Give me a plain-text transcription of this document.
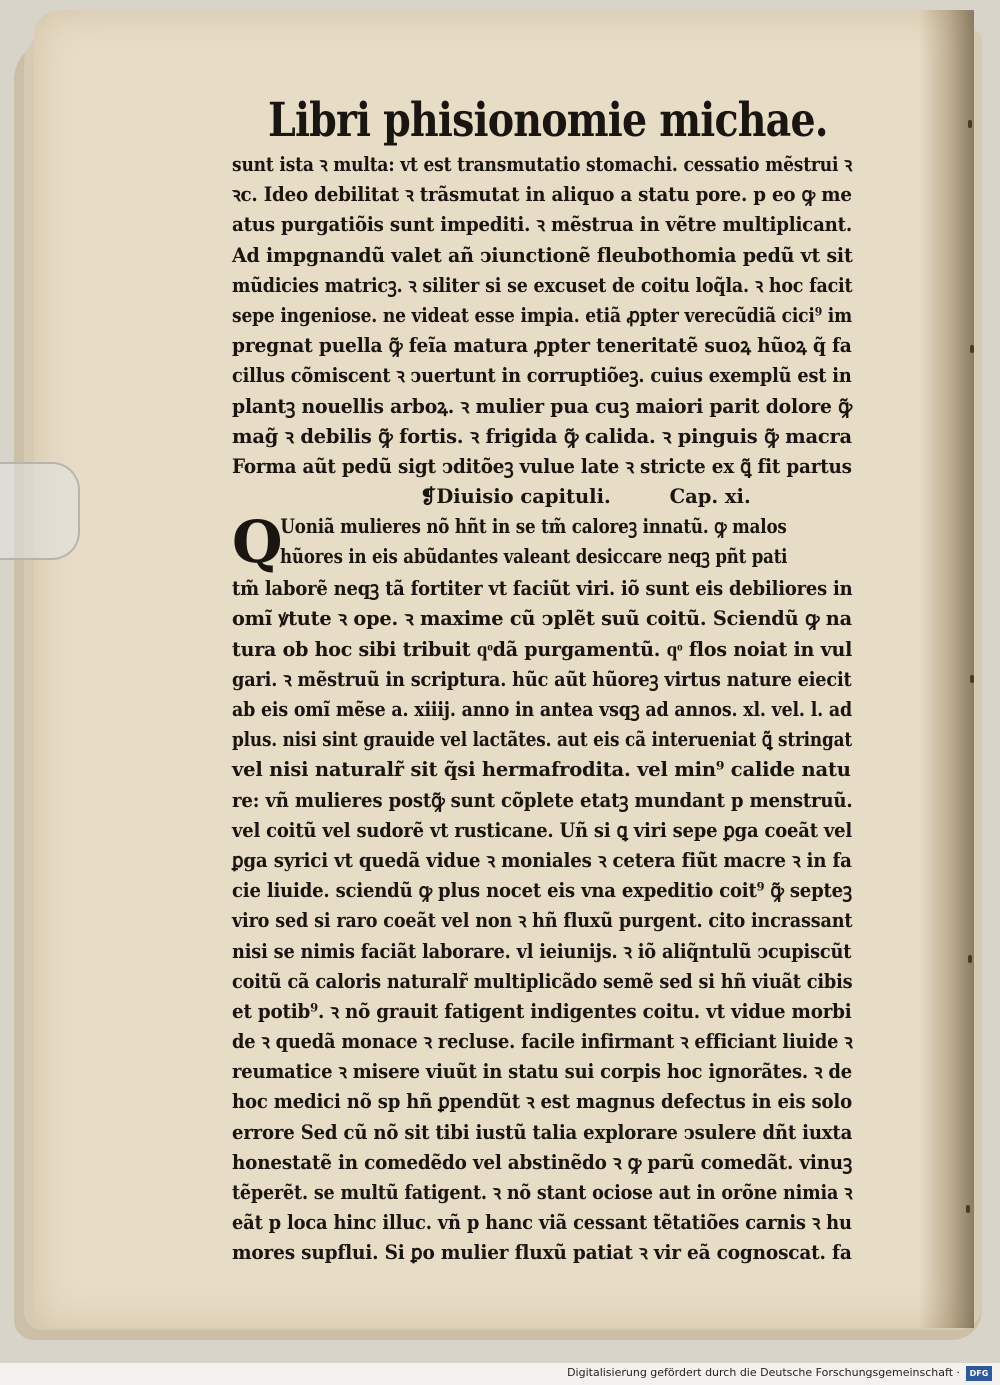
Libri phisionomie michae.
sunt ista ꝛ multa: vt est transmutatio stomachi. cessatio mẽstrui ꝛ
ꝛc. Ideo debilitat ꝛ trãsmutat in aliquo a statu pore. p eo ꝙ me
atus purgatiõis sunt impediti. ꝛ mẽstrua in vẽtre multiplicant.
Ad impgnandũ valet añ ↄiunctionẽ fleubothomia pedũ vt sit
mũdicies matricꝫ. ꝛ siliter si se excuset de coitu loq̃la. ꝛ hoc facit
sepe ingeniose. ne videat esse impia. etiã ꝓpter verecũdiã cici⁹ im
pregnat puella ꝙ̃ feĩa matura ꝓpter teneritatẽ suoꝝ hũoꝝ q̃ fa
cillus cõmiscent ꝛ ↄuertunt in corruptiõeꝫ. cuius exemplũ est in
plantꝫ nouellis arboꝝ. ꝛ mulier pua cuꝫ maiori parit dolore ꝙ̃
mag̃ ꝛ debilis ꝙ̃ fortis. ꝛ frigida ꝙ̃ calida. ꝛ pinguis ꝙ̃ macra
Forma aũt pedũ sigt ↄditõeꝫ vulue late ꝛ stricte ex ꝗ̃ fit partus
❡Diuisio capituli.	Cap. xi.
Q
Uoniã mulieres nõ hñt in se tm̃ caloreꝫ innatũ. ꝙ malos
hũores in eis abũdantes valeant desiccare neqꝫ pñt pati
tm̃ laborẽ neqꝫ tã fortiter vt faciũt viri. iõ sunt eis debiliores in
omĩ ꝟtute ꝛ ope. ꝛ maxime cũ ↄplẽt suũ coitũ. Sciendũ ꝙ na
tura ob hoc sibi tribuit qͦdã purgamentũ. qͦ flos noiat in vul
gari. ꝛ mẽstruũ in scriptura. hũc aũt hũoreꝫ virtus nature eiecit
ab eis omĩ mẽse a. xiiij. anno in antea vsqꝫ ad annos. xl. vel. l. ad
plus. nisi sint grauide vel lactãtes. aut eis cã interueniat ꝗ̃ stringat
vel nisi naturalr̃ sit q̃si hermafrodita. vel min⁹ calide natu
re: vñ mulieres postꝙ̃ sunt cõplete etatꝫ mundant p menstruũ.
vel coitũ vel sudorẽ vt rusticane. Uñ si ꝗ viri sepe ꝑga coeãt vel
ꝑga syrici vt quedã vidue ꝛ moniales ꝛ cetera fiũt macre ꝛ in fa
cie liuide. sciendũ ꝙ plus nocet eis vna expeditio coit⁹ ꝙ̃ septeꝫ
viro sed si raro coeãt vel non ꝛ hñ fluxũ purgent. cito incrassant
nisi se nimis faciãt laborare. vl ieiunijs. ꝛ iõ aliq̃ntulũ ↄcupiscũt
coitũ cã caloris naturalr̃ multiplicãdo semẽ sed si hñ viuãt cibis
et potib⁹. ꝛ nõ grauit fatigent indigentes coitu. vt vidue morbi
de ꝛ quedã monace ꝛ recluse. facile infirmant ꝛ efficiant liuide ꝛ
reumatice ꝛ misere viuũt in statu sui corpis hoc ignorãtes. ꝛ de
hoc medici nõ sp hñ ꝑpendũt ꝛ est magnus defectus in eis solo
errore Sed cũ nõ sit tibi iustũ talia explorare ↄsulere dñt iuxta
honestatẽ in comedẽdo vel abstinẽdo ꝛ ꝙ parũ comedãt. vinuꝫ
tẽperẽt. se multũ fatigent. ꝛ nõ stant ociose aut in orõne nimia ꝛ
eãt p loca hinc illuc. vñ p hanc viã cessant tẽtatiões carnis ꝛ hu
mores supflui. Si ꝑo mulier fluxũ patiat ꝛ vir eã cognoscat. fa
Digitalisierung gefördert durch die Deutsche Forschungsgemeinschaft ·	DFG
